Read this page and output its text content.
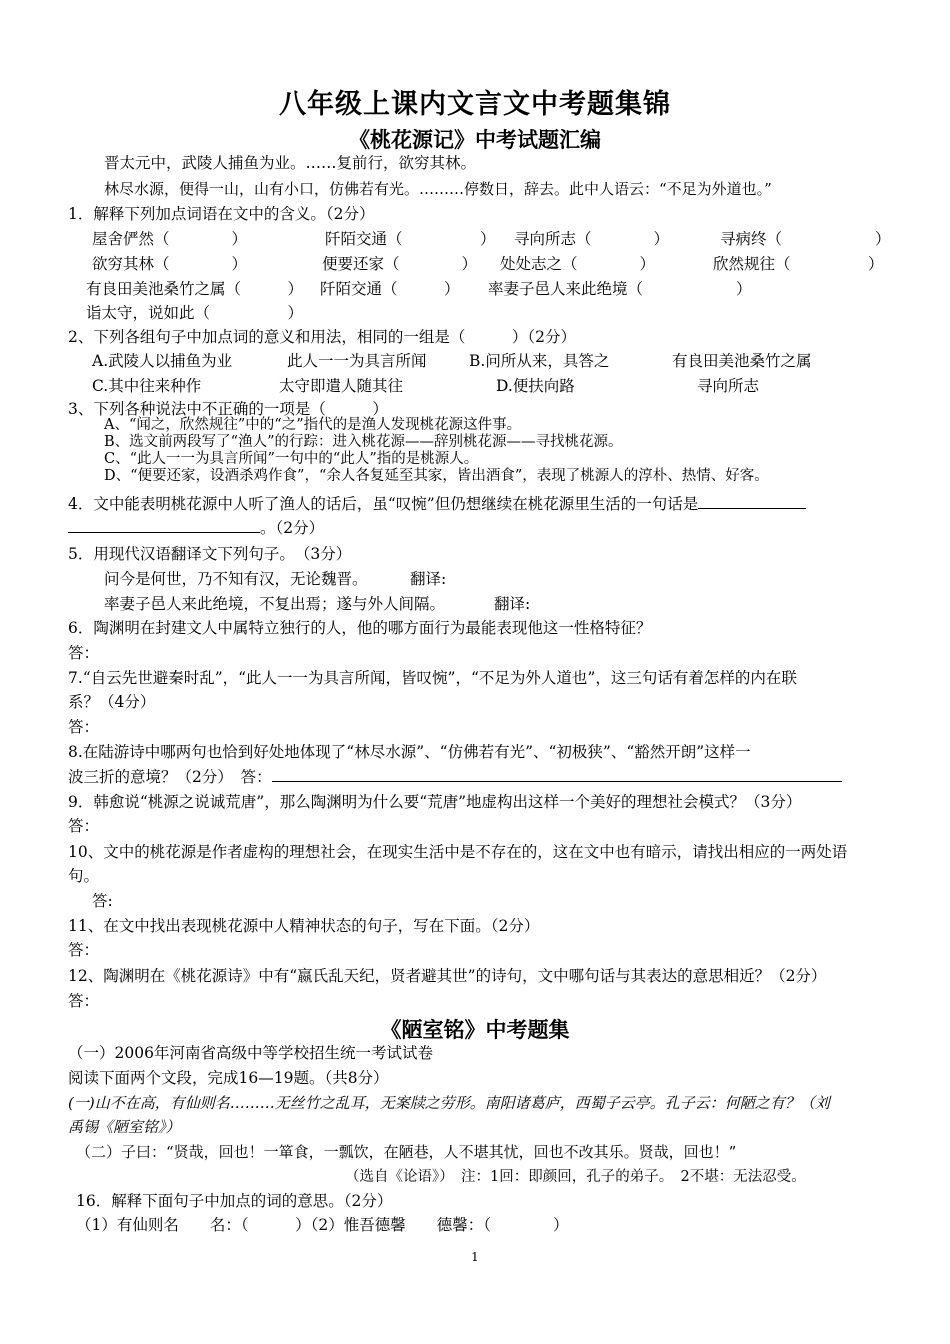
八年级上课内文言文中考题集锦
《桃花源记》中考试题汇编
晋太元中，武陵人捕鱼为业。……复前行，欲穷其林。
林尽水源，便得一山，山有小口，仿佛若有光。………停数日，辞去。此中人语云：“不足为外道也。”
1．解释下列加点词语在文中的含义。（2分）
屋舍俨然（　　　　）	阡陌交通（　　　　　） 寻向所志（　　　　）	寻病终（　　　　　　）
欲穷其林（　　　　）	便要还家（　　　　） 处处志之（　　　　）	欣然规往（　　　　　）
有良田美池桑竹之属（　　　） 阡陌交通（　　　） 率妻子邑人来此绝境（　　　　　　）
诣太守，说如此（　　　　　）
2、下列各组句子中加点词的意义和用法，相同的一组是（　　　）（2分）
A.武陵人以捕鱼为业	此人一一为具言所闻	B.问所从来，具答之	有良田美池桑竹之属
C.其中往来种作	太守即遣人随其往	D.便扶向路	寻向所志
3、下列各种说法中不正确的一项是（　　　）
A、“闻之，欣然规往”中的“之”指代的是渔人发现桃花源这件事。
B、选文前两段写了“渔人”的行踪：进入桃花源——辞别桃花源——寻找桃花源。
C、“此人一一为具言所闻”一句中的“此人”指的是桃源人。
D、“便要还家，设酒杀鸡作食”，“余人各复延至其家，皆出酒食”，表现了桃源人的淳朴、热情、好客。
4．文中能表明桃花源中人听了渔人的话后，虽“叹惋”但仍想继续在桃花源里生活的一句话是
。（2分）
5．用现代汉语翻译文下列句子。　（3分）
问今是何世，乃不知有汉，无论魏晋。	翻译:
率妻子邑人来此绝境，不复出焉；遂与外人间隔。	翻译:
6．陶渊明在封建文人中属特立独行的人，他的哪方面行为最能表现他这一性格特征？
答：
7.“自云先世避秦时乱”，“此人一一为具言所闻，皆叹惋”，“不足为外人道也”，这三句话有着怎样的内在联
系？（4分）
答：
8.在陆游诗中哪两句也恰到好处地体现了“林尽水源”、“仿佛若有光”、“初极狭”、“豁然开朗”这样一
波三折的意境？（2分）　答：
9．韩愈说“桃源之说诚荒唐”，那么陶渊明为什么要“荒唐”地虚构出这样一个美好的理想社会模式？（3分）
答：
10、文中的桃花源是作者虚构的理想社会，在现实生活中是不存在的，这在文中也有暗示，请找出相应的一两处语
句。
答:
11、在文中找出表现桃花源中人精神状态的句子，写在下面。（2分）
答：
12、陶渊明在《桃花源诗》中有“嬴氏乱天纪，贤者避其世”的诗句，文中哪句话与其表达的意思相近？（2分）
答：
《陋室铭》中考题集
（一）2006年河南省高级中等学校招生统一考试试卷
阅读下面两个文段，完成16—19题。（共8分）
(一)山不在高，有仙则名………无丝竹之乱耳，无案牍之劳形。南阳诸葛庐，西蜀子云亭。孔子云：何陋之有？（刘
禹锡《陋室铭》）
（二）子曰：“贤哉，回也！一箪食，一瓢饮，在陋巷，人不堪其忧，回也不改其乐。贤哉，回也！”
（选自《论语》）　注：1回：即颜回，孔子的弟子。　2不堪：无法忍受。
16．解释下面句子中加点的词的意思。（2分）
（1）有仙则名　　名：（　　　）（2）惟吾德馨　　德馨：（　　　　）
1
